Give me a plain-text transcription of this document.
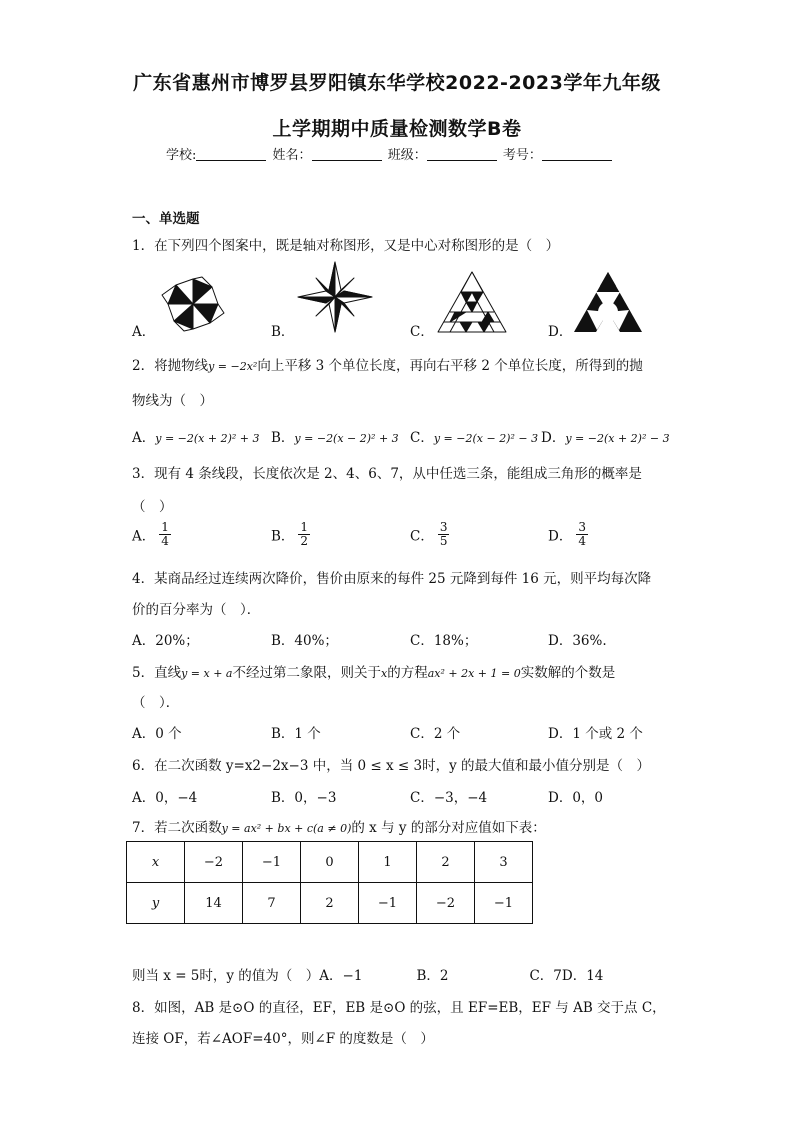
广东省惠州市博罗县罗阳镇东华学校2022-2023学年九年级
上学期期中质量检测数学B卷
学校:	姓名：	班级：	考号：
一、单选题
1．在下列四个图案中，既是轴对称图形，又是中心对称图形的是（　）
A．	B．	C．	D．
2．将抛物线y = −2x²向上平移 3 个单位长度，再向右平移 2 个单位长度，所得到的抛
物线为（　）
A．y = −2(x + 2)² + 3 B．y = −2(x − 2)² + 3 C．y = −2(x − 2)² − 3 D．y = −2(x + 2)² − 3
3．现有 4 条线段，长度依次是 2、4、6、7，从中任选三条，能组成三角形的概率是
（　）
A． $\frac{1}{4}$	B． $\frac{1}{2}$	C． $\frac{3}{5}$	D． $\frac{3}{4}$
4．某商品经过连续两次降价，售价由原来的每件 25 元降到每件 16 元，则平均每次降
价的百分率为（　）．
A．20%；	B．40%；	C．18%；	D．36%.
5．直线y = x + a不经过第二象限，则关于x的方程ax² + 2x + 1 = 0实数解的个数是
（　）．
A．0 个	B．1 个	C．2 个	D．1 个或 2 个
6．在二次函数 y=x2−2x−3 中，当 0 ≤ x ≤ 3时，y 的最大值和最小值分别是（　）
A．0，−4	B．0，−3	C．−3，−4	D．0，0
7．若二次函数y = ax² + bx + c(a ≠ 0)的 x 与 y 的部分对应值如下表：
x	−2	−1	0	1	2	3
y	14	7	2	−1	−2	−1
则当 x = 5时，y 的值为（　）A．−1　　　　B．2　　　　　　C．7D．14
8．如图，AB 是⊙O 的直径，EF，EB 是⊙O 的弦，且 EF=EB，EF 与 AB 交于点 C，
连接 OF，若∠AOF=40°，则∠F 的度数是（　）
